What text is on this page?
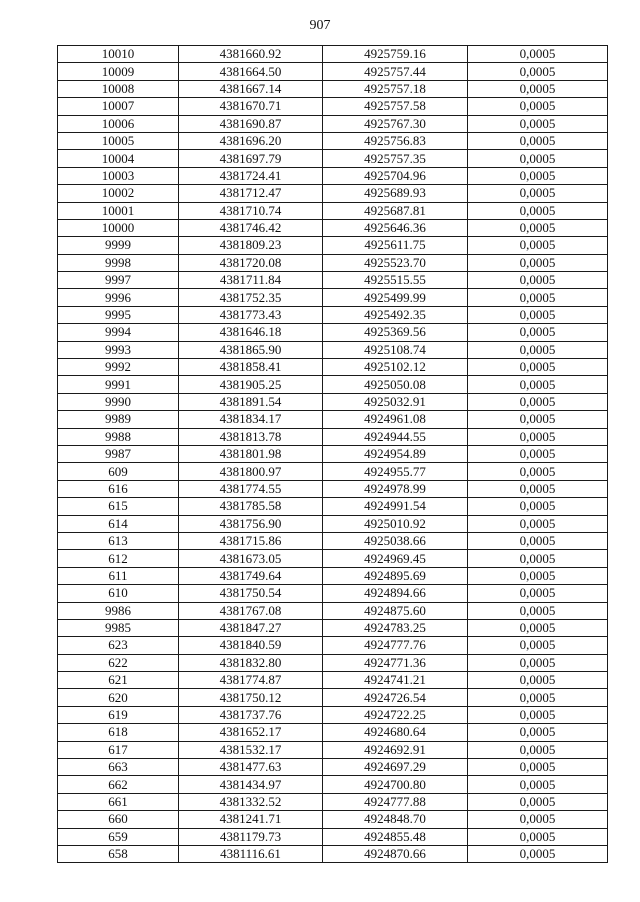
907
10010	4381660.92	4925759.16	0,0005
10009	4381664.50	4925757.44	0,0005
10008	4381667.14	4925757.18	0,0005
10007	4381670.71	4925757.58	0,0005
10006	4381690.87	4925767.30	0,0005
10005	4381696.20	4925756.83	0,0005
10004	4381697.79	4925757.35	0,0005
10003	4381724.41	4925704.96	0,0005
10002	4381712.47	4925689.93	0,0005
10001	4381710.74	4925687.81	0,0005
10000	4381746.42	4925646.36	0,0005
9999	4381809.23	4925611.75	0,0005
9998	4381720.08	4925523.70	0,0005
9997	4381711.84	4925515.55	0,0005
9996	4381752.35	4925499.99	0,0005
9995	4381773.43	4925492.35	0,0005
9994	4381646.18	4925369.56	0,0005
9993	4381865.90	4925108.74	0,0005
9992	4381858.41	4925102.12	0,0005
9991	4381905.25	4925050.08	0,0005
9990	4381891.54	4925032.91	0,0005
9989	4381834.17	4924961.08	0,0005
9988	4381813.78	4924944.55	0,0005
9987	4381801.98	4924954.89	0,0005
609	4381800.97	4924955.77	0,0005
616	4381774.55	4924978.99	0,0005
615	4381785.58	4924991.54	0,0005
614	4381756.90	4925010.92	0,0005
613	4381715.86	4925038.66	0,0005
612	4381673.05	4924969.45	0,0005
611	4381749.64	4924895.69	0,0005
610	4381750.54	4924894.66	0,0005
9986	4381767.08	4924875.60	0,0005
9985	4381847.27	4924783.25	0,0005
623	4381840.59	4924777.76	0,0005
622	4381832.80	4924771.36	0,0005
621	4381774.87	4924741.21	0,0005
620	4381750.12	4924726.54	0,0005
619	4381737.76	4924722.25	0,0005
618	4381652.17	4924680.64	0,0005
617	4381532.17	4924692.91	0,0005
663	4381477.63	4924697.29	0,0005
662	4381434.97	4924700.80	0,0005
661	4381332.52	4924777.88	0,0005
660	4381241.71	4924848.70	0,0005
659	4381179.73	4924855.48	0,0005
658	4381116.61	4924870.66	0,0005
